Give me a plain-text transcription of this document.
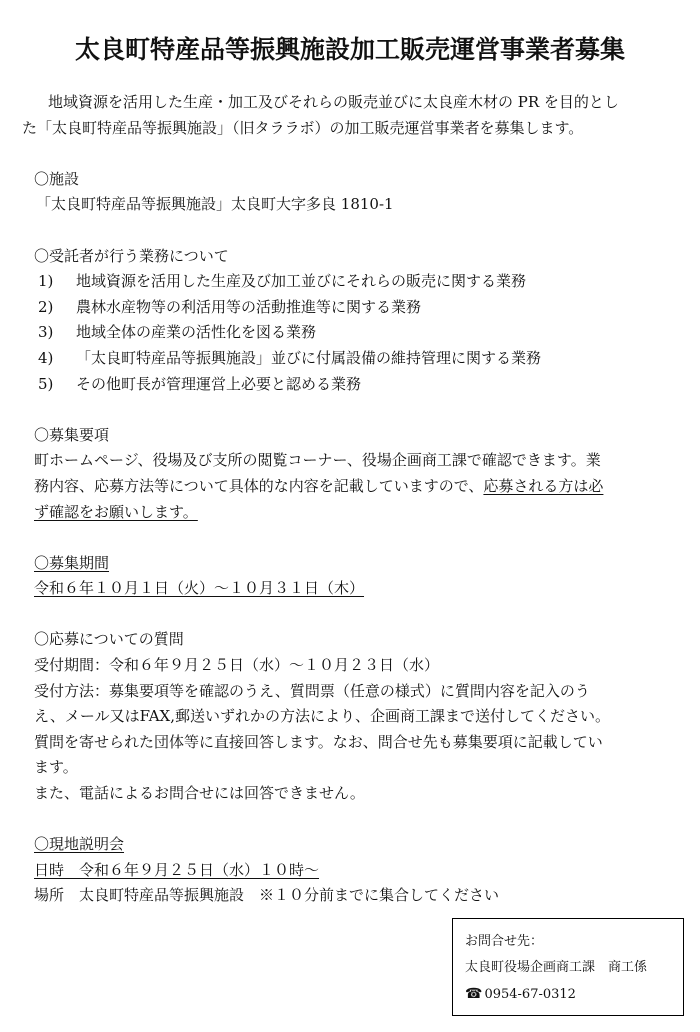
太良町特産品等振興施設加工販売運営事業者募集
地域資源を活用した生産・加工及びそれらの販売並びに太良産木材の PR を目的とし
た「太良町特産品等振興施設」（旧タララボ）の加工販売運営事業者を募集します。
〇施設
「太良町特産品等振興施設」太良町大字多良 1810-1
〇受託者が行う業務について
1) 地域資源を活用した生産及び加工並びにそれらの販売に関する業務
2) 農林水産物等の利活用等の活動推進等に関する業務
3) 地域全体の産業の活性化を図る業務
4) 「太良町特産品等振興施設」並びに付属設備の維持管理に関する業務
5) その他町長が管理運営上必要と認める業務
〇募集要項
町ホームページ、役場及び支所の閲覧コーナー、役場企画商工課で確認できます。業
務内容、応募方法等について具体的な内容を記載していますので、応募される方は必
ず確認をお願いします。
〇募集期間
令和６年１０月１日（火）～１０月３１日（木）
〇応募についての質問
受付期間：令和６年９月２５日（水）～１０月２３日（水）
受付方法：募集要項等を確認のうえ、質問票（任意の様式）に質問内容を記入のう
え、メール又はFAX,郵送いずれかの方法により、企画商工課まで送付してください。
質問を寄せられた団体等に直接回答します。なお、問合せ先も募集要項に記載してい
ます。
また、電話によるお問合せには回答できません。
〇現地説明会
日時　令和６年９月２５日（水）１０時～
場所　太良町特産品等振興施設　※１０分前までに集合してください
お問合せ先：
太良町役場企画商工課　商工係
☎ 0954-67-0312
